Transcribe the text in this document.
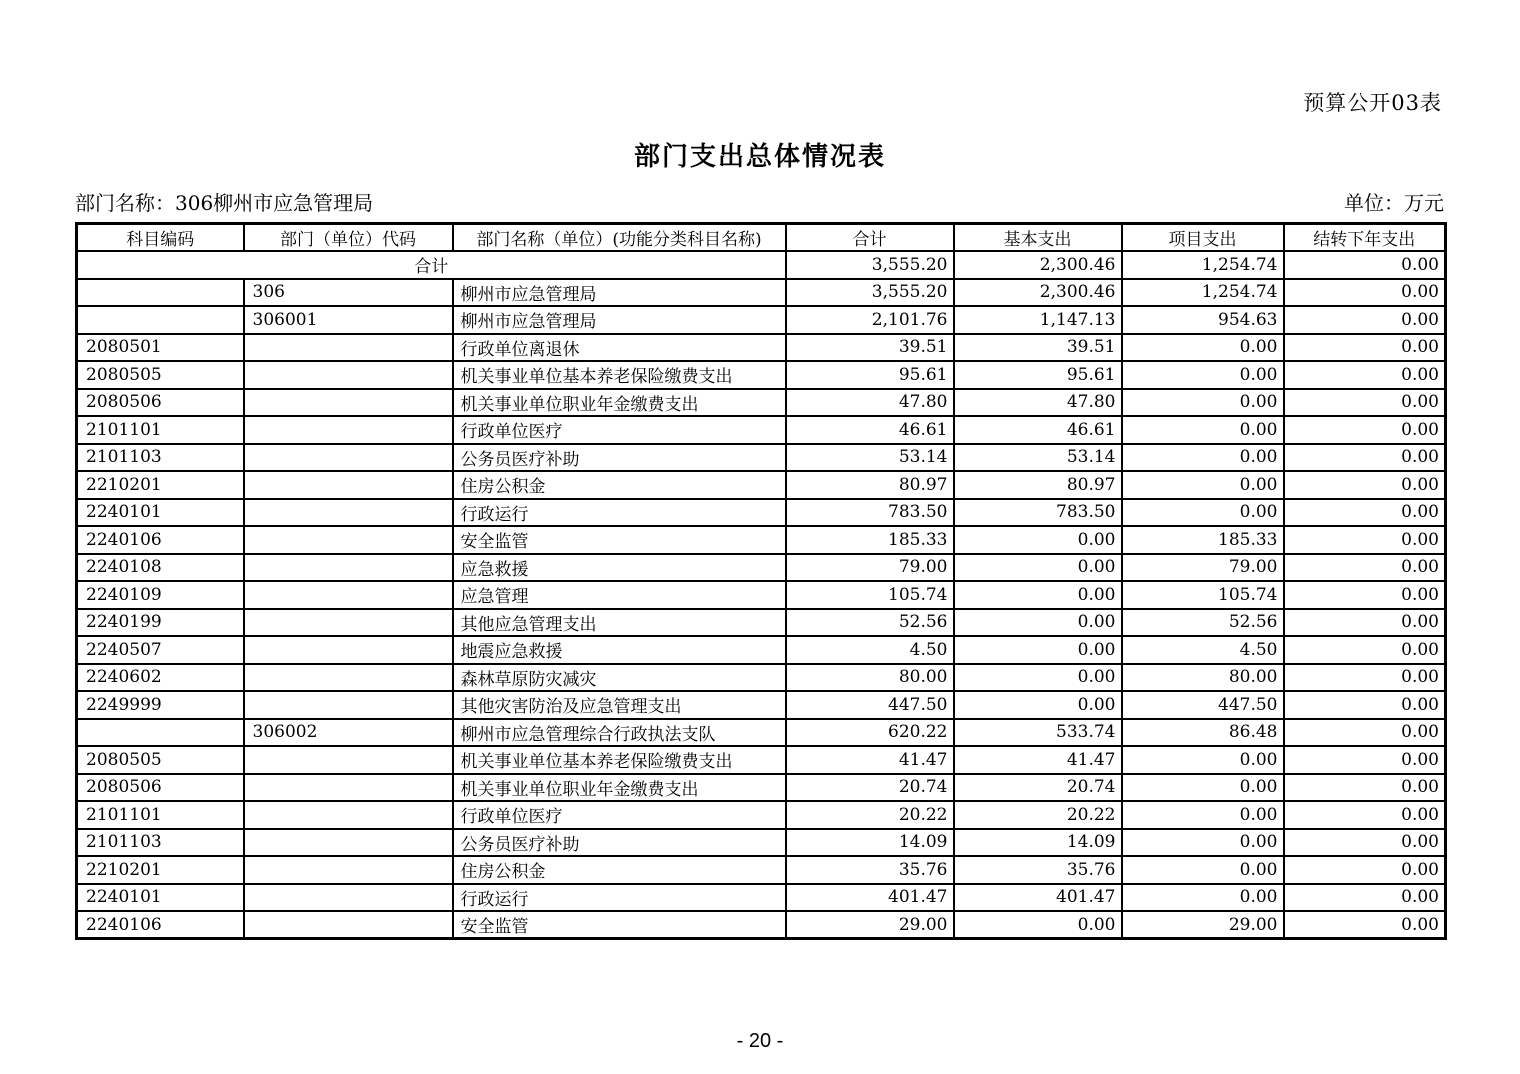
预算公开03表
部门支出总体情况表
部门名称：306柳州市应急管理局	单位：万元
科目编码	部门（单位）代码	部门名称（单位）(功能分类科目名称)	合计	基本支出	项目支出	结转下年支出
合计			3,555.20	2,300.46	1,254.74	0.00
	306	柳州市应急管理局	3,555.20	2,300.46	1,254.74	0.00
	306001	柳州市应急管理局	2,101.76	1,147.13	954.63	0.00
2080501		行政单位离退休	39.51	39.51	0.00	0.00
2080505		机关事业单位基本养老保险缴费支出	95.61	95.61	0.00	0.00
2080506		机关事业单位职业年金缴费支出	47.80	47.80	0.00	0.00
2101101		行政单位医疗	46.61	46.61	0.00	0.00
2101103		公务员医疗补助	53.14	53.14	0.00	0.00
2210201		住房公积金	80.97	80.97	0.00	0.00
2240101		行政运行	783.50	783.50	0.00	0.00
2240106		安全监管	185.33	0.00	185.33	0.00
2240108		应急救援	79.00	0.00	79.00	0.00
2240109		应急管理	105.74	0.00	105.74	0.00
2240199		其他应急管理支出	52.56	0.00	52.56	0.00
2240507		地震应急救援	4.50	0.00	4.50	0.00
2240602		森林草原防灾减灾	80.00	0.00	80.00	0.00
2249999		其他灾害防治及应急管理支出	447.50	0.00	447.50	0.00
	306002	柳州市应急管理综合行政执法支队	620.22	533.74	86.48	0.00
2080505		机关事业单位基本养老保险缴费支出	41.47	41.47	0.00	0.00
2080506		机关事业单位职业年金缴费支出	20.74	20.74	0.00	0.00
2101101		行政单位医疗	20.22	20.22	0.00	0.00
2101103		公务员医疗补助	14.09	14.09	0.00	0.00
2210201		住房公积金	35.76	35.76	0.00	0.00
2240101		行政运行	401.47	401.47	0.00	0.00
2240106		安全监管	29.00	0.00	29.00	0.00
- 20 -
